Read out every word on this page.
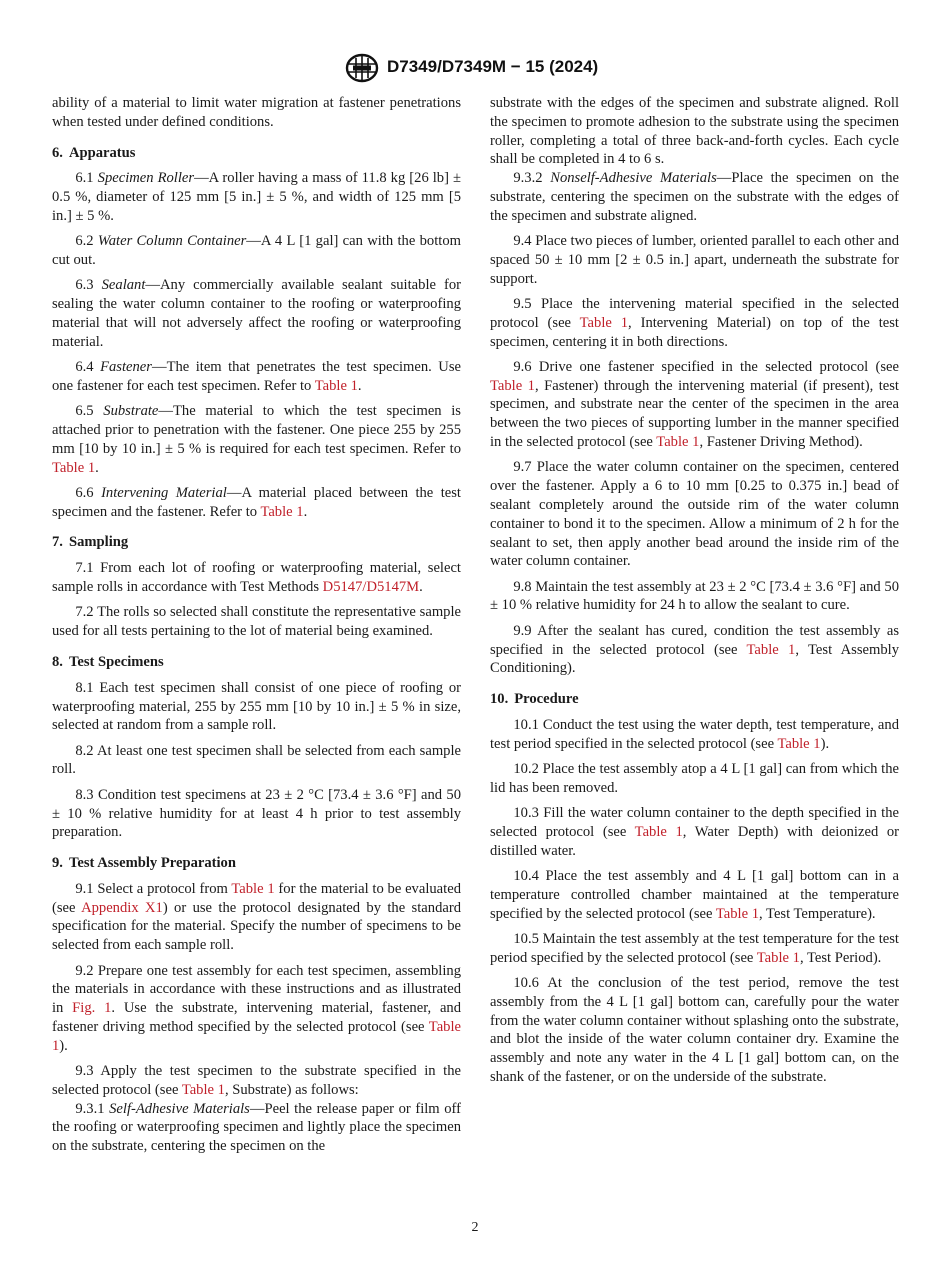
D7349/D7349M − 15 (2024)

ability of a material to limit water migration at fastener penetrations when tested under defined conditions.

6. Apparatus

6.1 Specimen Roller—A roller having a mass of 11.8 kg [26 lb] ± 0.5 %, diameter of 125 mm [5 in.] ± 5 %, and width of 125 mm [5 in.] ± 5 %.

6.2 Water Column Container—A 4 L [1 gal] can with the bottom cut out.

6.3 Sealant—Any commercially available sealant suitable for sealing the water column container to the roofing or waterproofing material that will not adversely affect the roofing or waterproofing material.

6.4 Fastener—The item that penetrates the test specimen. Use one fastener for each test specimen. Refer to Table 1.

6.5 Substrate—The material to which the test specimen is attached prior to penetration with the fastener. One piece 255 by 255 mm [10 by 10 in.] ± 5 % is required for each test specimen. Refer to Table 1.

6.6 Intervening Material—A material placed between the test specimen and the fastener. Refer to Table 1.

7. Sampling

7.1 From each lot of roofing or waterproofing material, select sample rolls in accordance with Test Methods D5147/D5147M.

7.2 The rolls so selected shall constitute the representative sample used for all tests pertaining to the lot of material being examined.

8. Test Specimens

8.1 Each test specimen shall consist of one piece of roofing or waterproofing material, 255 by 255 mm [10 by 10 in.] ± 5 % in size, selected at random from a sample roll.

8.2 At least one test specimen shall be selected from each sample roll.

8.3 Condition test specimens at 23 ± 2 °C [73.4 ± 3.6 °F] and 50 ± 10 % relative humidity for at least 4 h prior to test assembly preparation.

9. Test Assembly Preparation

9.1 Select a protocol from Table 1 for the material to be evaluated (see Appendix X1) or use the protocol designated by the standard specification for the material. Specify the number of specimens to be selected from each sample roll.

9.2 Prepare one test assembly for each test specimen, assembling the materials in accordance with these instructions and as illustrated in Fig. 1. Use the substrate, intervening material, fastener, and fastener driving method specified by the selected protocol (see Table 1).

9.3 Apply the test specimen to the substrate specified in the selected protocol (see Table 1, Substrate) as follows:

9.3.1 Self-Adhesive Materials—Peel the release paper or film off the roofing or waterproofing specimen and lightly place the specimen on the substrate, centering the specimen on the

substrate with the edges of the specimen and substrate aligned. Roll the specimen to promote adhesion to the substrate using the specimen roller, completing a total of three back-and-forth cycles. Each cycle shall be completed in 4 to 6 s.

9.3.2 Nonself-Adhesive Materials—Place the specimen on the substrate, centering the specimen on the substrate with the edges of the specimen and substrate aligned.

9.4 Place two pieces of lumber, oriented parallel to each other and spaced 50 ± 10 mm [2 ± 0.5 in.] apart, underneath the substrate for support.

9.5 Place the intervening material specified in the selected protocol (see Table 1, Intervening Material) on top of the test specimen, centering it in both directions.

9.6 Drive one fastener specified in the selected protocol (see Table 1, Fastener) through the intervening material (if present), test specimen, and substrate near the center of the specimen in the area between the two pieces of supporting lumber in the manner specified in the selected protocol (see Table 1, Fastener Driving Method).

9.7 Place the water column container on the specimen, centered over the fastener. Apply a 6 to 10 mm [0.25 to 0.375 in.] bead of sealant completely around the outside rim of the water column container to bond it to the specimen. Allow a minimum of 2 h for the sealant to set, then apply another bead around the inside rim of the water column container.

9.8 Maintain the test assembly at 23 ± 2 °C [73.4 ± 3.6 °F] and 50 ± 10 % relative humidity for 24 h to allow the sealant to cure.

9.9 After the sealant has cured, condition the test assembly as specified in the selected protocol (see Table 1, Test Assembly Conditioning).

10. Procedure

10.1 Conduct the test using the water depth, test temperature, and test period specified in the selected protocol (see Table 1).

10.2 Place the test assembly atop a 4 L [1 gal] can from which the lid has been removed.

10.3 Fill the water column container to the depth specified in the selected protocol (see Table 1, Water Depth) with deionized or distilled water.

10.4 Place the test assembly and 4 L [1 gal] bottom can in a temperature controlled chamber maintained at the temperature specified by the selected protocol (see Table 1, Test Temperature).

10.5 Maintain the test assembly at the test temperature for the test period specified by the selected protocol (see Table 1, Test Period).

10.6 At the conclusion of the test period, remove the test assembly from the 4 L [1 gal] bottom can, carefully pour the water from the water column container without splashing onto the substrate, and blot the inside of the water column container dry. Examine the assembly and note any water in the 4 L [1 gal] bottom can, on the shank of the fastener, or on the underside of the substrate.

2
